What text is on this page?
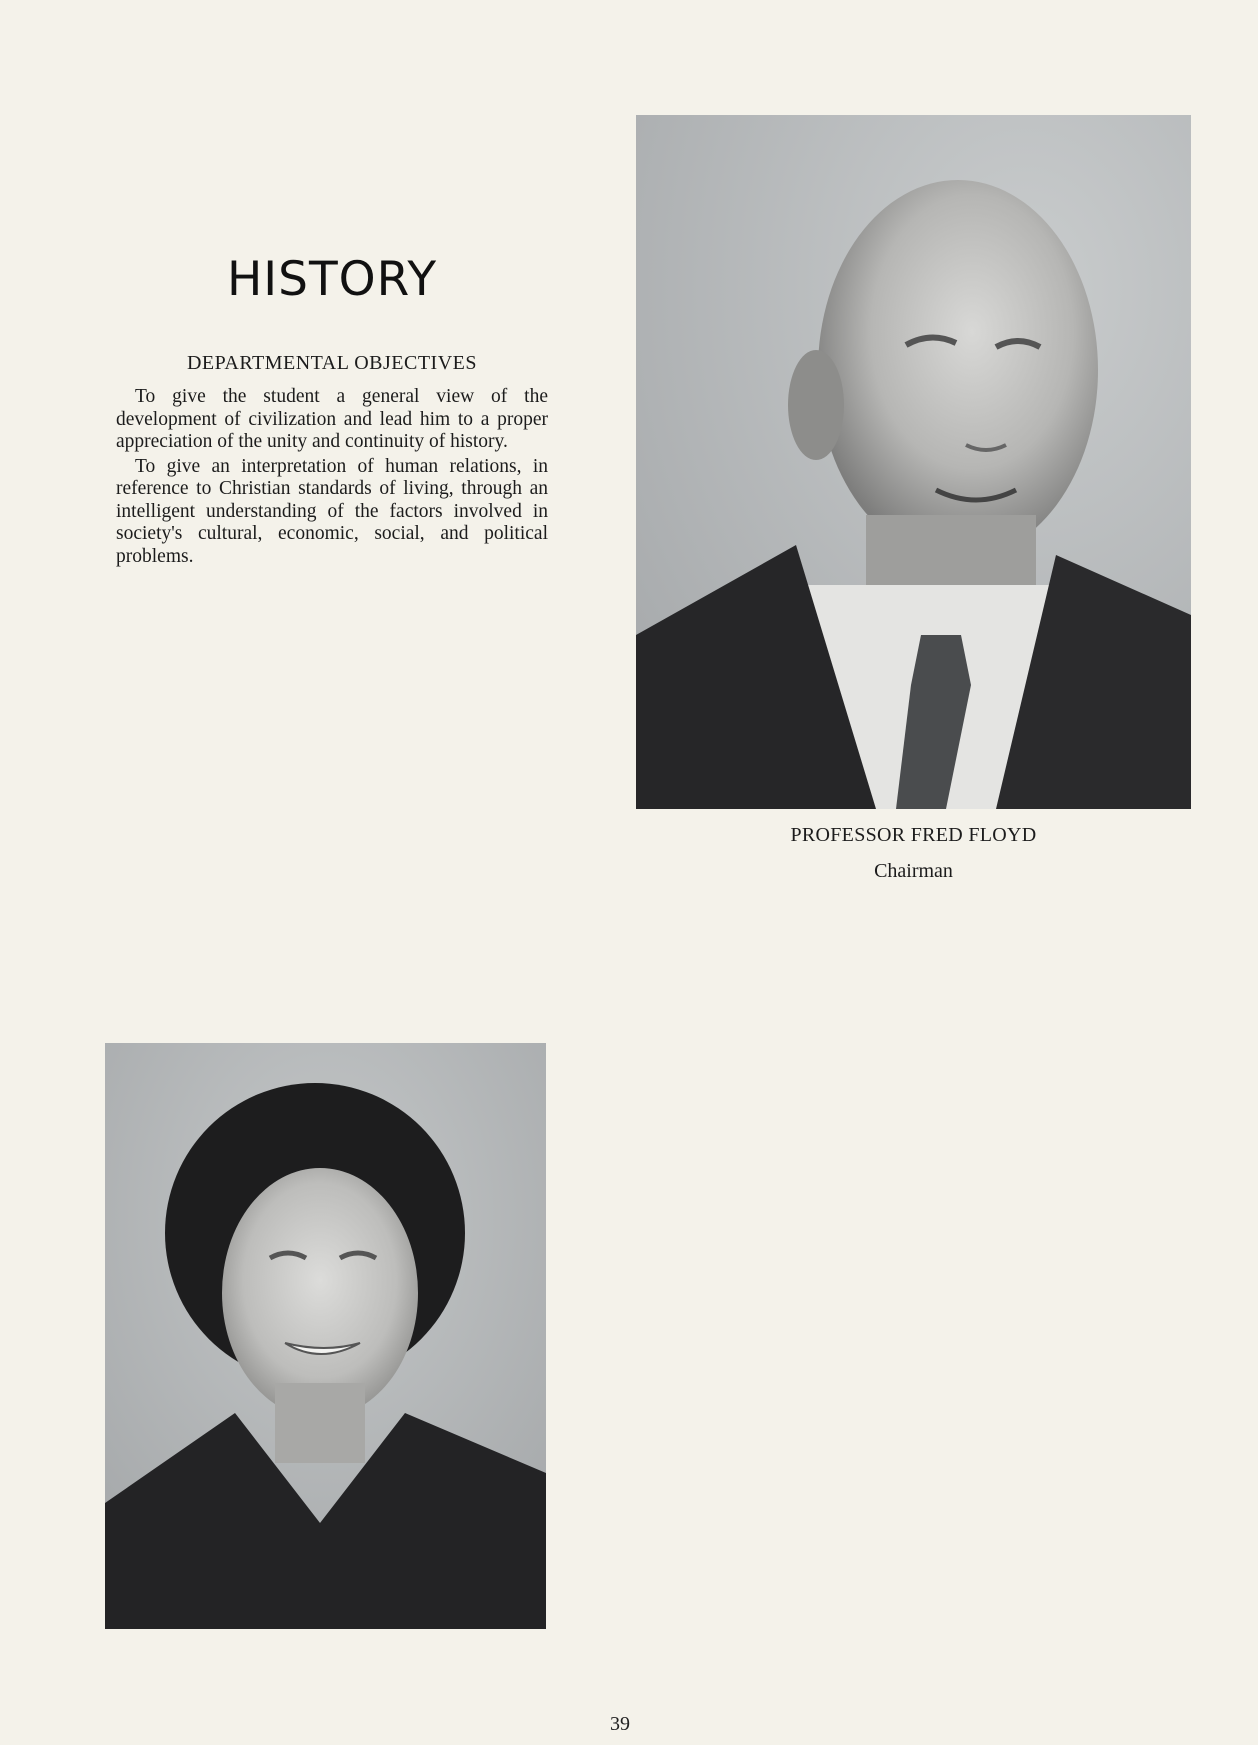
HISTORY
DEPARTMENTAL OBJECTIVES

To give the student a general view of the development of civilization and lead him to a proper appreciation of the unity and continuity of history.

To give an interpretation of human relations, in reference to Christian standards of living, through an intelligent understanding of the factors involved in society's cultural, economic, social, and political problems.

PROFESSOR FRED FLOYD
Chairman
39
